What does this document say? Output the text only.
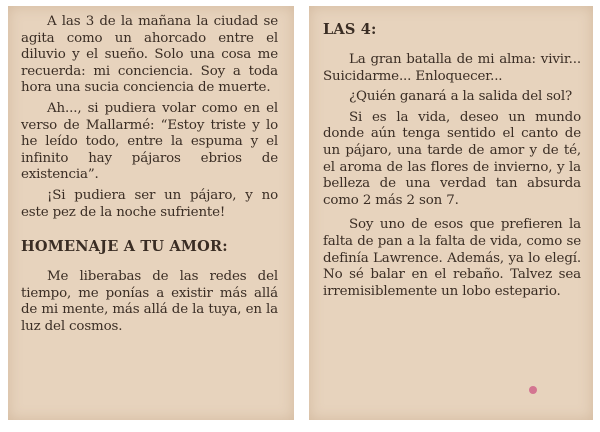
A las 3 de la mañana la ciudad se agita como un ahorcado entre el diluvio y el sueño. Solo una cosa me recuerda: mi conciencia. Soy a toda hora una sucia conciencia de muerte.

Ah..., si pudiera volar como en el verso de Mallarmé: “Estoy triste y lo he leído todo, entre la espuma y el infinito hay pájaros ebrios de existencia”.

¡Si pudiera ser un pájaro, y no este pez de la noche sufriente!

HOMENAJE A TU AMOR:

Me liberabas de las redes del tiempo, me ponías a existir más allá de mi mente, más allá de la tuya, en la luz del cosmos.

LAS 4:

La gran batalla de mi alma: vivir... Suicidarme... Enloquecer...

¿Quién ganará a la salida del sol?

Si es la vida, deseo un mundo donde aún tenga sentido el canto de un pájaro, una tarde de amor y de té, el aroma de las flores de invierno, y la belleza de una verdad tan absurda como 2 más 2 son 7.

Soy uno de esos que prefieren la falta de pan a la falta de vida, como se definía Lawrence. Además, ya lo elegí. No sé balar en el rebaño. Talvez sea irremisiblemente un lobo estepario.
